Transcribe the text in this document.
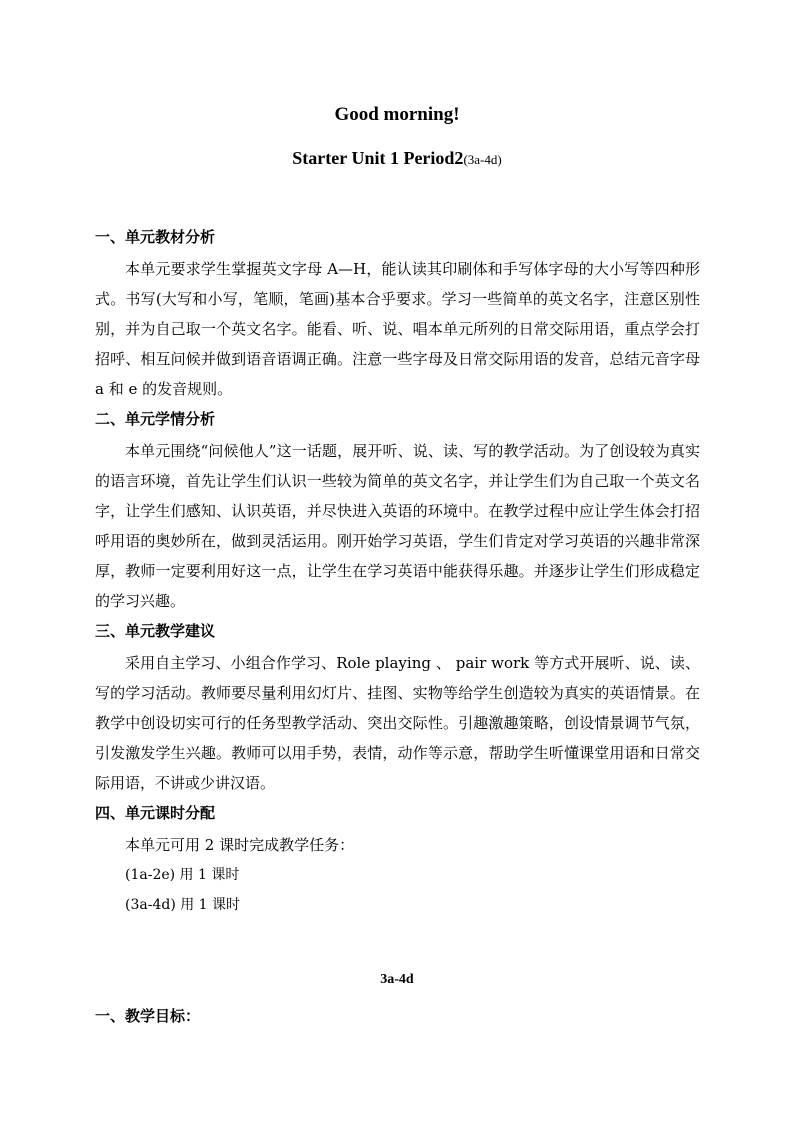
Good morning!
Starter Unit 1 Period2(3a-4d)
一、单元教材分析

本单元要求学生掌握英文字母 A—H，能认读其印刷体和手写体字母的大小写等四种形式。书写(大写和小写，笔顺，笔画)基本合乎要求。学习一些简单的英文名字，注意区别性别，并为自己取一个英文名字。能看、听、说、唱本单元所列的日常交际用语，重点学会打招呼、相互问候并做到语音语调正确。注意一些字母及日常交际用语的发音，总结元音字母 a 和 e 的发音规则。

二、单元学情分析

本单元围绕“问候他人”这一话题，展开听、说、读、写的教学活动。为了创设较为真实的语言环境，首先让学生们认识一些较为简单的英文名字，并让学生们为自己取一个英文名字，让学生们感知、认识英语，并尽快进入英语的环境中。在教学过程中应让学生体会打招呼用语的奥妙所在，做到灵活运用。刚开始学习英语，学生们肯定对学习英语的兴趣非常深厚，教师一定要利用好这一点，让学生在学习英语中能获得乐趣。并逐步让学生们形成稳定的学习兴趣。

三、单元教学建议

采用自主学习、小组合作学习、Role playing 、 pair work 等方式开展听、说、读、写的学习活动。教师要尽量利用幻灯片、挂图、实物等给学生创造较为真实的英语情景。在教学中创设切实可行的任务型教学活动、突出交际性。引趣激趣策略，创设情景调节气氛，引发激发学生兴趣。教师可以用手势，表情，动作等示意，帮助学生听懂课堂用语和日常交际用语，不讲或少讲汉语。

四、单元课时分配

本单元可用 2 课时完成教学任务：

(1a-2e) 用 1 课时
(3a-4d) 用 1 课时
3a-4d
一、教学目标：
